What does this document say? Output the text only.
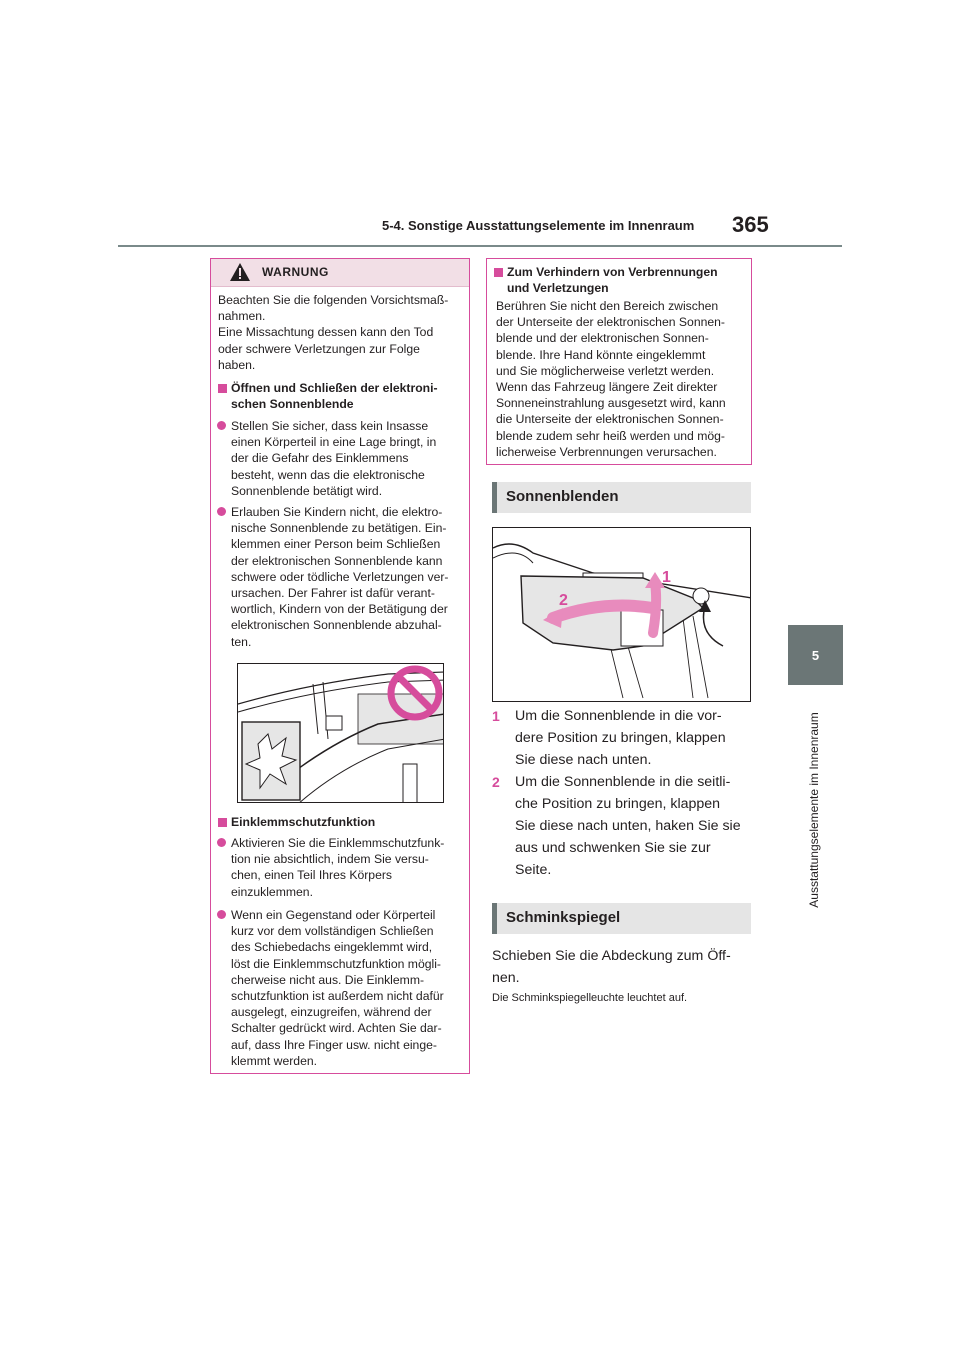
5-4. Sonstige Ausstattungselemente im Innenraum 365
5
Ausstattungselemente im Innenraum
WARNUNG
Beachten Sie die folgenden Vorsichtsmaß-
nahmen.
Eine Missachtung dessen kann den Tod
oder schwere Verletzungen zur Folge
haben.
Öffnen und Schließen der elektroni-
schen Sonnenblende
Stellen Sie sicher, dass kein Insasse
einen Körperteil in eine Lage bringt, in
der die Gefahr des Einklemmens
besteht, wenn das die elektronische
Sonnenblende betätigt wird.
Erlauben Sie Kindern nicht, die elektro-
nische Sonnenblende zu betätigen. Ein-
klemmen einer Person beim Schließen
der elektronischen Sonnenblende kann
schwere oder tödliche Verletzungen ver-
ursachen. Der Fahrer ist dafür verant-
wortlich, Kindern von der Betätigung der
elektronischen Sonnenblende abzuhal-
ten.
Einklemmschutzfunktion
Aktivieren Sie die Einklemmschutzfunk-
tion nie absichtlich, indem Sie versu-
chen, einen Teil Ihres Körpers
einzuklemmen.
Wenn ein Gegenstand oder Körperteil
kurz vor dem vollständigen Schließen
des Schiebedachs eingeklemmt wird,
löst die Einklemmschutzfunktion mögli-
cherweise nicht aus. Die Einklemm-
schutzfunktion ist außerdem nicht dafür
ausgelegt, einzugreifen, während der
Schalter gedrückt wird. Achten Sie dar-
auf, dass Ihre Finger usw. nicht einge-
klemmt werden.
Zum Verhindern von Verbrennungen
und Verletzungen
Berühren Sie nicht den Bereich zwischen
der Unterseite der elektronischen Sonnen-
blende und der elektronischen Sonnen-
blende. Ihre Hand könnte eingeklemmt
und Sie möglicherweise verletzt werden.
Wenn das Fahrzeug längere Zeit direkter
Sonneneinstrahlung ausgesetzt wird, kann
die Unterseite der elektronischen Sonnen-
blende zudem sehr heiß werden und mög-
licherweise Verbrennungen verursachen.
Sonnenblenden
1
2
1 Um die Sonnenblende in die vor-
dere Position zu bringen, klappen
Sie diese nach unten.
2 Um die Sonnenblende in die seitli-
che Position zu bringen, klappen
Sie diese nach unten, haken Sie sie
aus und schwenken Sie sie zur
Seite.
Schminkspiegel
Schieben Sie die Abdeckung zum Öff-
nen.
Die Schminkspiegelleuchte leuchtet auf.
